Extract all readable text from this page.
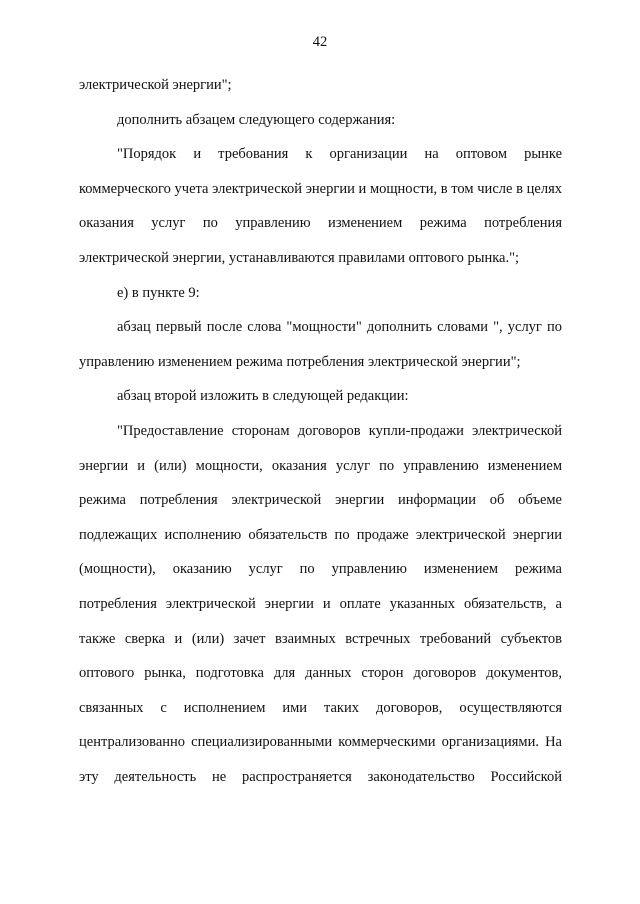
42

электрической энергии";

дополнить абзацем следующего содержания:

"Порядок и требования к организации на оптовом рынке коммерческого учета электрической энергии и мощности, в том числе в целях оказания услуг по управлению изменением режима потребления электрической энергии, устанавливаются правилами оптового рынка.";

е) в пункте 9:

абзац первый после слова "мощности" дополнить словами ", услуг по управлению изменением режима потребления электрической энергии";

абзац второй изложить в следующей редакции:

"Предоставление сторонам договоров купли-продажи электрической энергии и (или) мощности, оказания услуг по управлению изменением режима потребления электрической энергии информации об объеме подлежащих исполнению обязательств по продаже электрической энергии (мощности), оказанию услуг по управлению изменением режима потребления электрической энергии и оплате указанных обязательств, а также сверка и (или) зачет взаимных встречных требований субъектов оптового рынка, подготовка для данных сторон договоров документов, связанных с исполнением ими таких договоров, осуществляются централизованно специализированными коммерческими организациями. На эту деятельность не распространяется законодательство Российской
